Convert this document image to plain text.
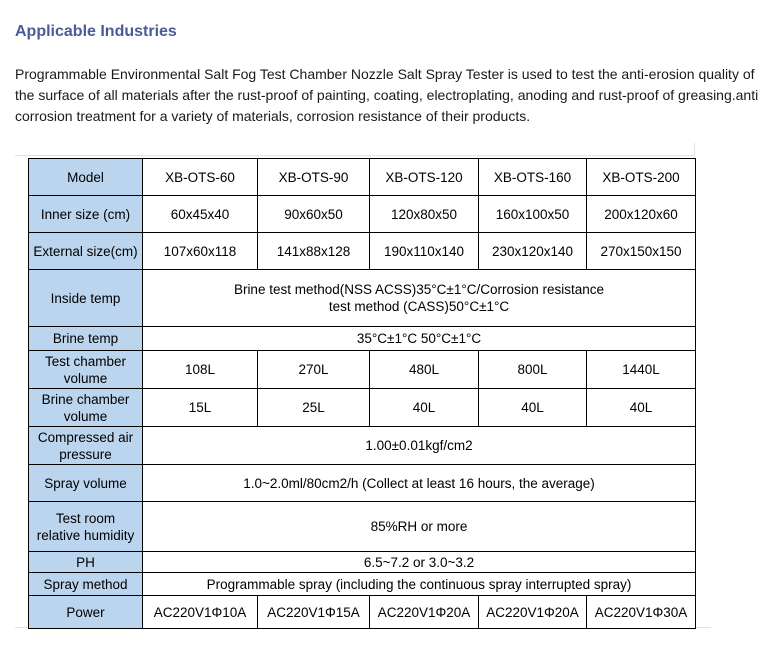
Applicable Industries

Programmable Environmental Salt Fog Test Chamber Nozzle Salt Spray Tester is used to test the anti-erosion quality of the surface of all materials after the rust-proof of painting, coating, electroplating, anoding and rust-proof of greasing.anti corrosion treatment for a variety of materials, corrosion resistance of their products.

Model	XB-OTS-60	XB-OTS-90	XB-OTS-120	XB-OTS-160	XB-OTS-200
Inner size (cm)	60x45x40	90x60x50	120x80x50	160x100x50	200x120x60
External size(cm)	107x60x118	141x88x128	190x110x140	230x120x140	270x150x150
Inside temp	Brine test method(NSS ACSS)35°C±1°C/Corrosion resistance
test method (CASS)50°C±1°C				
Brine temp	35°C±1°C 50°C±1°C				
Test chamber
volume	108L	270L	480L	800L	1440L
Brine chamber
volume	15L	25L	40L	40L	40L
Compressed air
pressure	1.00±0.01kgf/cm2				
Spray volume	1.0~2.0ml/80cm2/h (Collect at least 16 hours, the average)				
Test room
relative humidity	85%RH or more				
PH	6.5~7.2 or 3.0~3.2				
Spray method	Programmable spray (including the continuous spray interrupted spray)				
Power	AC220V1Φ10A	AC220V1Φ15A	AC220V1Φ20A	AC220V1Φ20A	AC220V1Φ30A
